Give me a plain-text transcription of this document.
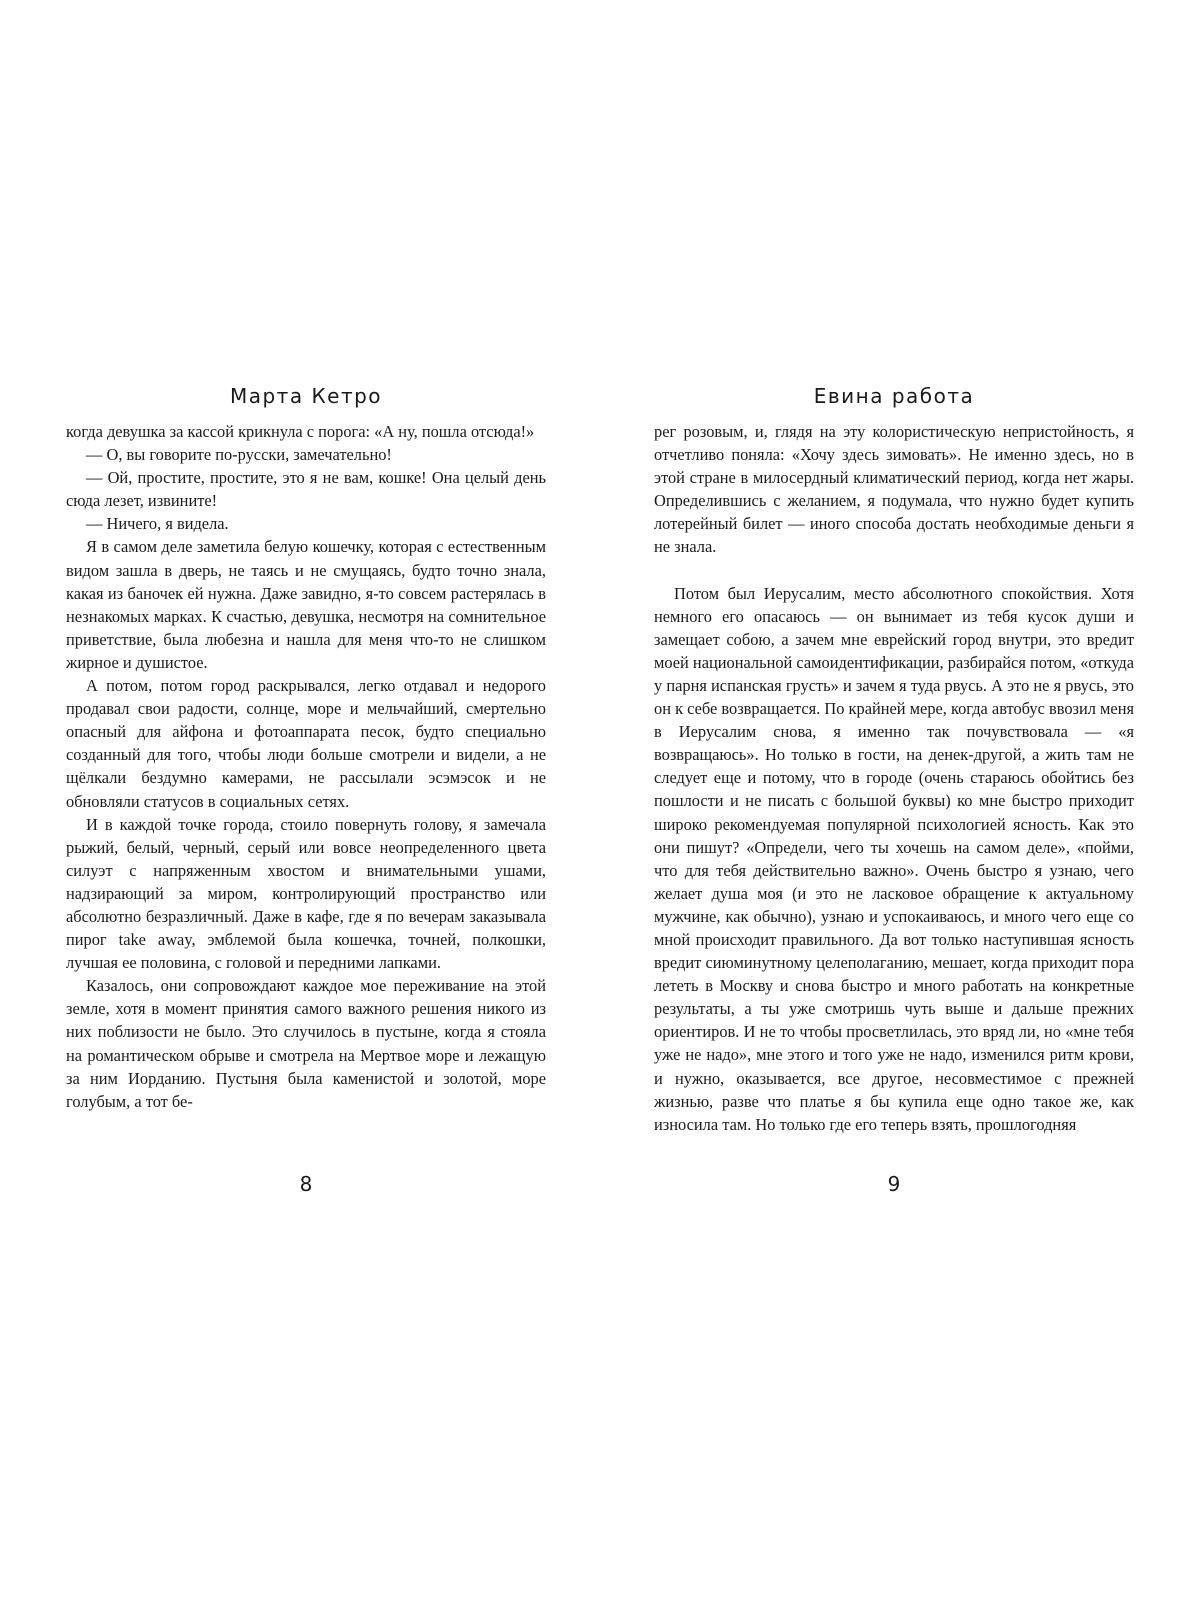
Марта Кетро

когда девушка за кассой крикнула с порога: «А ну, пошла отсюда!»

— О, вы говорите по-русски, замечательно!

— Ой, простите, простите, это я не вам, кошке! Она целый день сюда лезет, извините!

— Ничего, я видела.

Я в самом деле заметила белую кошечку, которая с естественным видом зашла в дверь, не таясь и не смущаясь, будто точно знала, какая из баночек ей нужна. Даже завидно, я-то совсем растерялась в незнакомых марках. К счастью, девушка, несмотря на сомнительное приветствие, была любезна и нашла для меня что-то не слишком жирное и душистое.

А потом, потом город раскрывался, легко отдавал и недорого продавал свои радости, солнце, море и мельчайший, смертельно опасный для айфона и фотоаппарата песок, будто специально созданный для того, чтобы люди больше смотрели и видели, а не щёлкали бездумно камерами, не рассылали эсэмэсок и не обновляли статусов в социальных сетях.

И в каждой точке города, стоило повернуть голову, я замечала рыжий, белый, черный, серый или вовсе неопределенного цвета силуэт с напряженным хвостом и внимательными ушами, надзирающий за миром, контролирующий пространство или абсолютно безразличный. Даже в кафе, где я по вечерам заказывала пирог take away, эмблемой была кошечка, точней, полкошки, лучшая ее половина, с головой и передними лапками.

Казалось, они сопровождают каждое мое переживание на этой земле, хотя в момент принятия самого важного решения никого из них поблизости не было. Это случилось в пустыне, когда я стояла на романтическом обрыве и смотрела на Мертвое море и лежащую за ним Иорданию. Пустыня была каменистой и золотой, море голубым, а тот бе-

8
Евина работа

рег розовым, и, глядя на эту колористическую непристойность, я отчетливо поняла: «Хочу здесь зимовать». Не именно здесь, но в этой стране в милосердный климатический период, когда нет жары. Определившись с желанием, я подумала, что нужно будет купить лотерейный билет — иного способа достать необходимые деньги я не знала.

Потом был Иерусалим, место абсолютного спокойствия. Хотя немного его опасаюсь — он вынимает из тебя кусок души и замещает собою, а зачем мне еврейский город внутри, это вредит моей национальной самоидентификации, разбирайся потом, «откуда у парня испанская грусть» и зачем я туда рвусь. А это не я рвусь, это он к себе возвращается. По крайней мере, когда автобус ввозил меня в Иерусалим снова, я именно так почувствовала — «я возвращаюсь». Но только в гости, на денек-другой, а жить там не следует еще и потому, что в городе (очень стараюсь обойтись без пошлости и не писать с большой буквы) ко мне быстро приходит широко рекомендуемая популярной психологией ясность. Как это они пишут? «Определи, чего ты хочешь на самом деле», «пойми, что для тебя действительно важно». Очень быстро я узнаю, чего желает душа моя (и это не ласковое обращение к актуальному мужчине, как обычно), узнаю и успокаиваюсь, и много чего еще со мной происходит правильного. Да вот только наступившая ясность вредит сиюминутному целеполаганию, мешает, когда приходит пора лететь в Москву и снова быстро и много работать на конкретные результаты, а ты уже смотришь чуть выше и дальше прежних ориентиров. И не то чтобы просветлилась, это вряд ли, но «мне тебя уже не надо», мне этого и того уже не надо, изменился ритм крови, и нужно, оказывается, все другое, несовместимое с прежней жизнью, разве что платье я бы купила еще одно такое же, как износила там. Но только где его теперь взять, прошлогодняя

9
